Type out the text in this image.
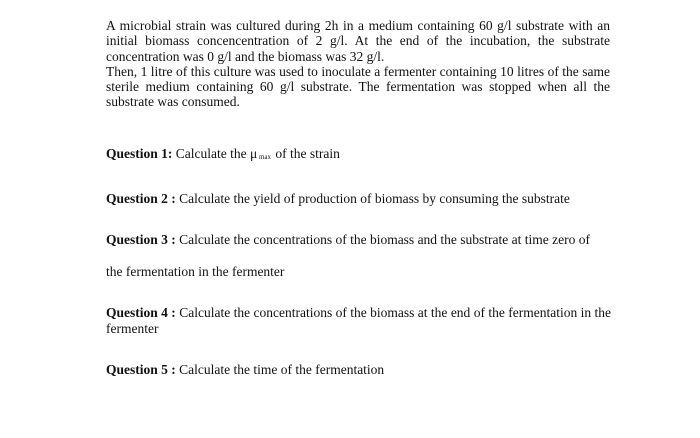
A microbial strain was cultured during 2h in a medium containing 60 g/l substrate with an initial biomass concencentration of 2 g/l. At the end of the incubation, the substrate concentration was 0 g/l and the biomass was 32 g/l.

Then, 1 litre of this culture was used to inoculate a fermenter containing 10 litres of the same sterile medium containing 60 g/l substrate. The fermentation was stopped when all the substrate was consumed.

Question 1: Calculate the μ max of the strain

Question 2 : Calculate the yield of production of biomass by consuming the substrate

Question 3 : Calculate the concentrations of the biomass and the substrate at time zero of

the fermentation in the fermenter

Question 4 : Calculate the concentrations of the biomass at the end of the fermentation in the fermenter

Question 5 : Calculate the time of the fermentation
